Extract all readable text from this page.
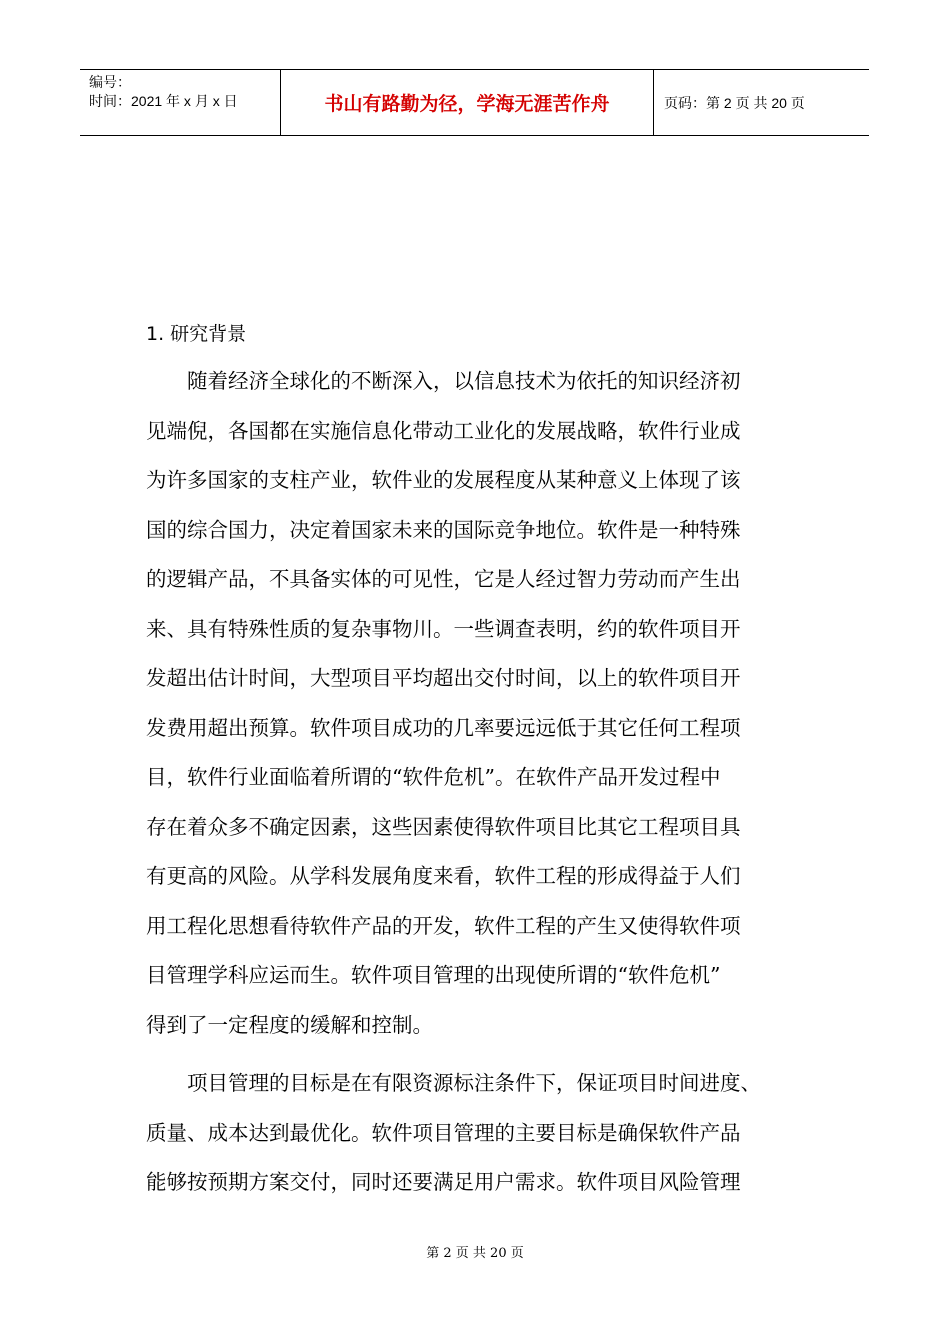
编号：
时间：2021 年 x 月 x 日	书山有路勤为径，学海无涯苦作舟	页码：第 2 页 共 20 页
1. 研究背景
随着经济全球化的不断深入，以信息技术为依托的知识经济初
见端倪，各国都在实施信息化带动工业化的发展战略，软件行业成
为许多国家的支柱产业，软件业的发展程度从某种意义上体现了该
国的综合国力，决定着国家未来的国际竞争地位。软件是一种特殊
的逻辑产品，不具备实体的可见性，它是人经过智力劳动而产生出
来、具有特殊性质的复杂事物川。一些调查表明，约的软件项目开
发超出估计时间，大型项目平均超出交付时间，以上的软件项目开
发费用超出预算。软件项目成功的几率要远远低于其它任何工程项
目，软件行业面临着所谓的“软件危机”。在软件产品开发过程中
存在着众多不确定因素，这些因素使得软件项目比其它工程项目具
有更高的风险。从学科发展角度来看，软件工程的形成得益于人们
用工程化思想看待软件产品的开发，软件工程的产生又使得软件项
目管理学科应运而生。软件项目管理的出现使所谓的“软件危机”
得到了一定程度的缓解和控制。
项目管理的目标是在有限资源标注条件下，保证项目时间进度、
质量、成本达到最优化。软件项目管理的主要目标是确保软件产品
能够按预期方案交付，同时还要满足用户需求。软件项目风险管理
第 2 页 共 20 页
